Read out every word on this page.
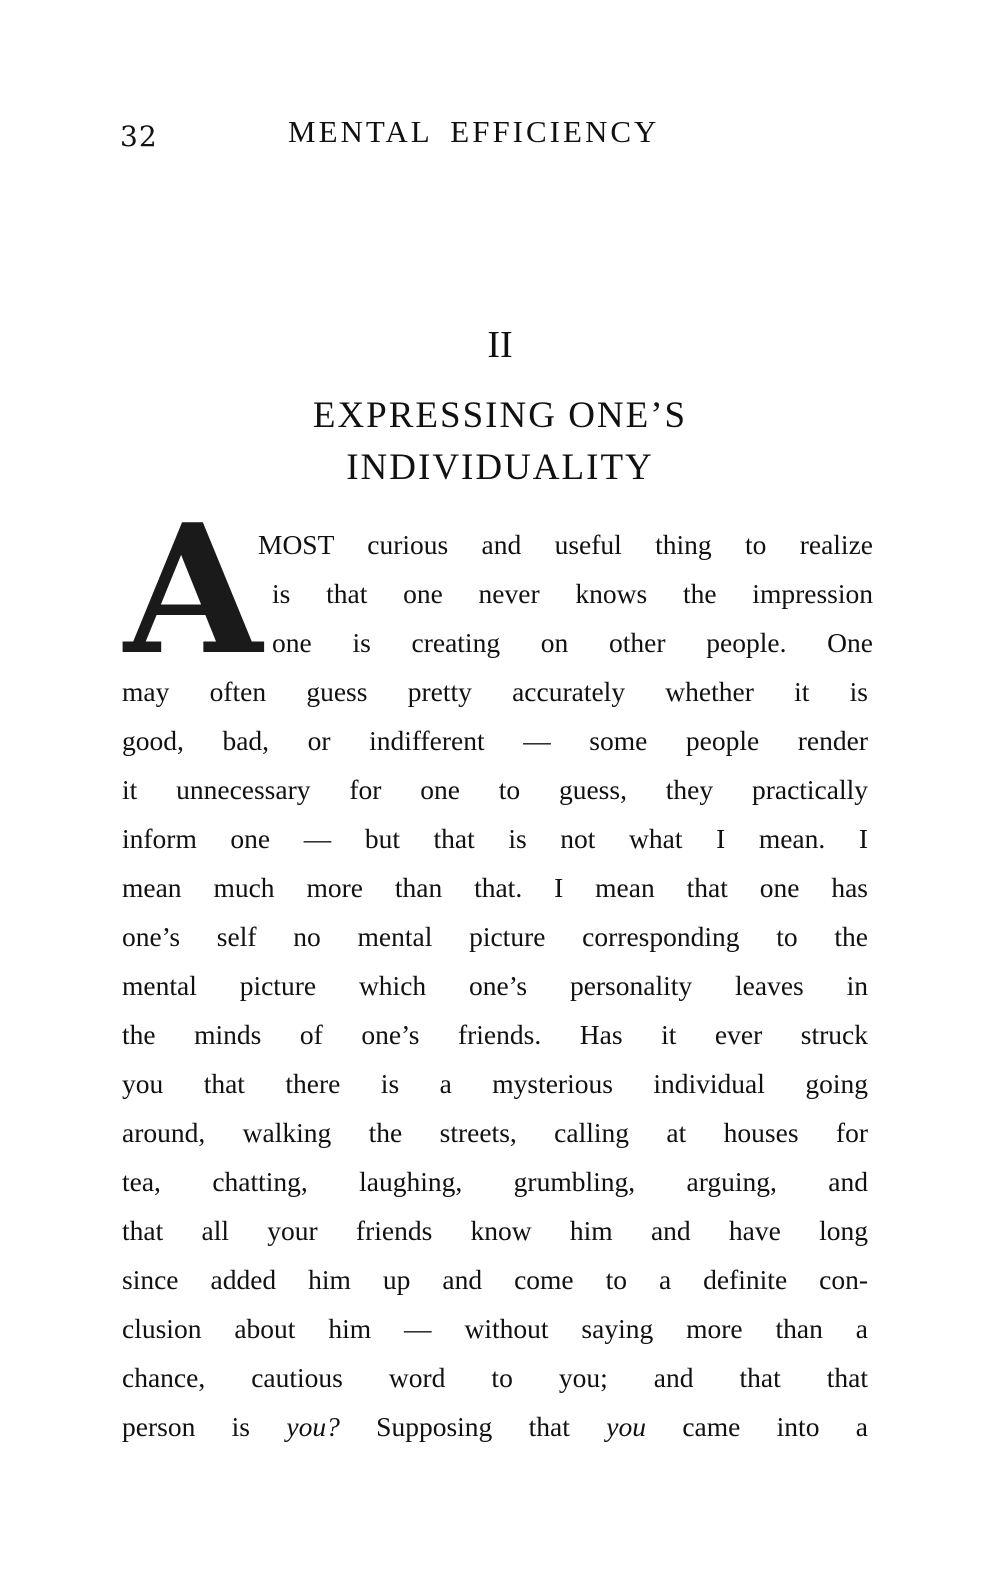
32	MENTAL EFFICIENCY
II
EXPRESSING ONE’S
INDIVIDUALITY
A
MOST curious and useful thing to realize
is that one never knows the impression
one is creating on other people. One
may often guess pretty accurately whether it is
good, bad, or indifferent — some people render
it unnecessary for one to guess, they practically
inform one — but that is not what I mean. I
mean much more than that. I mean that one has
one’s self no mental picture corresponding to the
mental picture which one’s personality leaves in
the minds of one’s friends. Has it ever struck
you that there is a mysterious individual going
around, walking the streets, calling at houses for
tea, chatting, laughing, grumbling, arguing, and
that all your friends know him and have long
since added him up and come to a definite con-
clusion about him — without saying more than a
chance, cautious word to you; and that that
person is you? Supposing that you came into a
